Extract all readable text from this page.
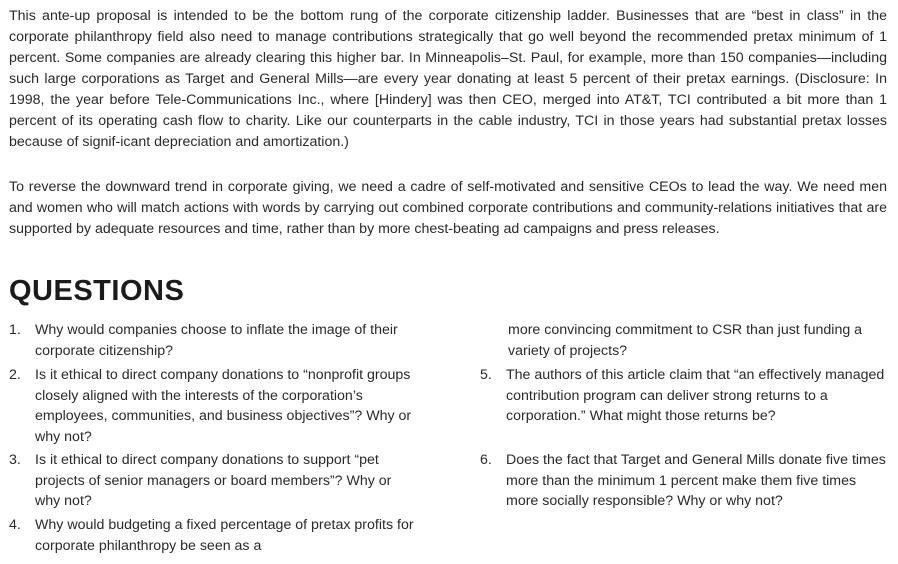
This ante-up proposal is intended to be the bottom rung of the corporate citizenship ladder. Businesses that are “best in class” in the corporate philanthropy field also need to manage contributions strategically that go well beyond the recommended pretax minimum of 1 percent. Some companies are already clearing this higher bar. In Minneapolis–St. Paul, for example, more than 150 companies—including such large corporations as Target and General Mills—are every year donating at least 5 percent of their pretax earnings. (Disclosure: In 1998, the year before Tele-Communications Inc., where [Hindery] was then CEO, merged into AT&T, TCI contributed a bit more than 1 percent of its operating cash flow to charity. Like our counterparts in the cable industry, TCI in those years had substantial pretax losses because of signif-icant depreciation and amortization.)

To reverse the downward trend in corporate giving, we need a cadre of self-motivated and sensitive CEOs to lead the way. We need men and women who will match actions with words by carrying out combined corporate contributions and community-relations initiatives that are supported by adequate resources and time, rather than by more chest-beating ad campaigns and press releases.

QUESTIONS
1. Why would companies choose to inflate the image of their corporate citizenship?
2. Is it ethical to direct company donations to “nonprofit groups closely aligned with the interests of the corporation’s employees, communities, and business objectives”? Why or why not?
3. Is it ethical to direct company donations to support “pet projects of senior managers or board members”? Why or why not?
4. Why would budgeting a fixed percentage of pretax profits for corporate philanthropy be seen as a
more convincing commitment to CSR than just funding a variety of projects?
5. The authors of this article claim that “an effectively managed contribution program can deliver strong returns to a corporation.” What might those returns be?
6. Does the fact that Target and General Mills donate five times more than the minimum 1 percent make them five times more socially responsible? Why or why not?
